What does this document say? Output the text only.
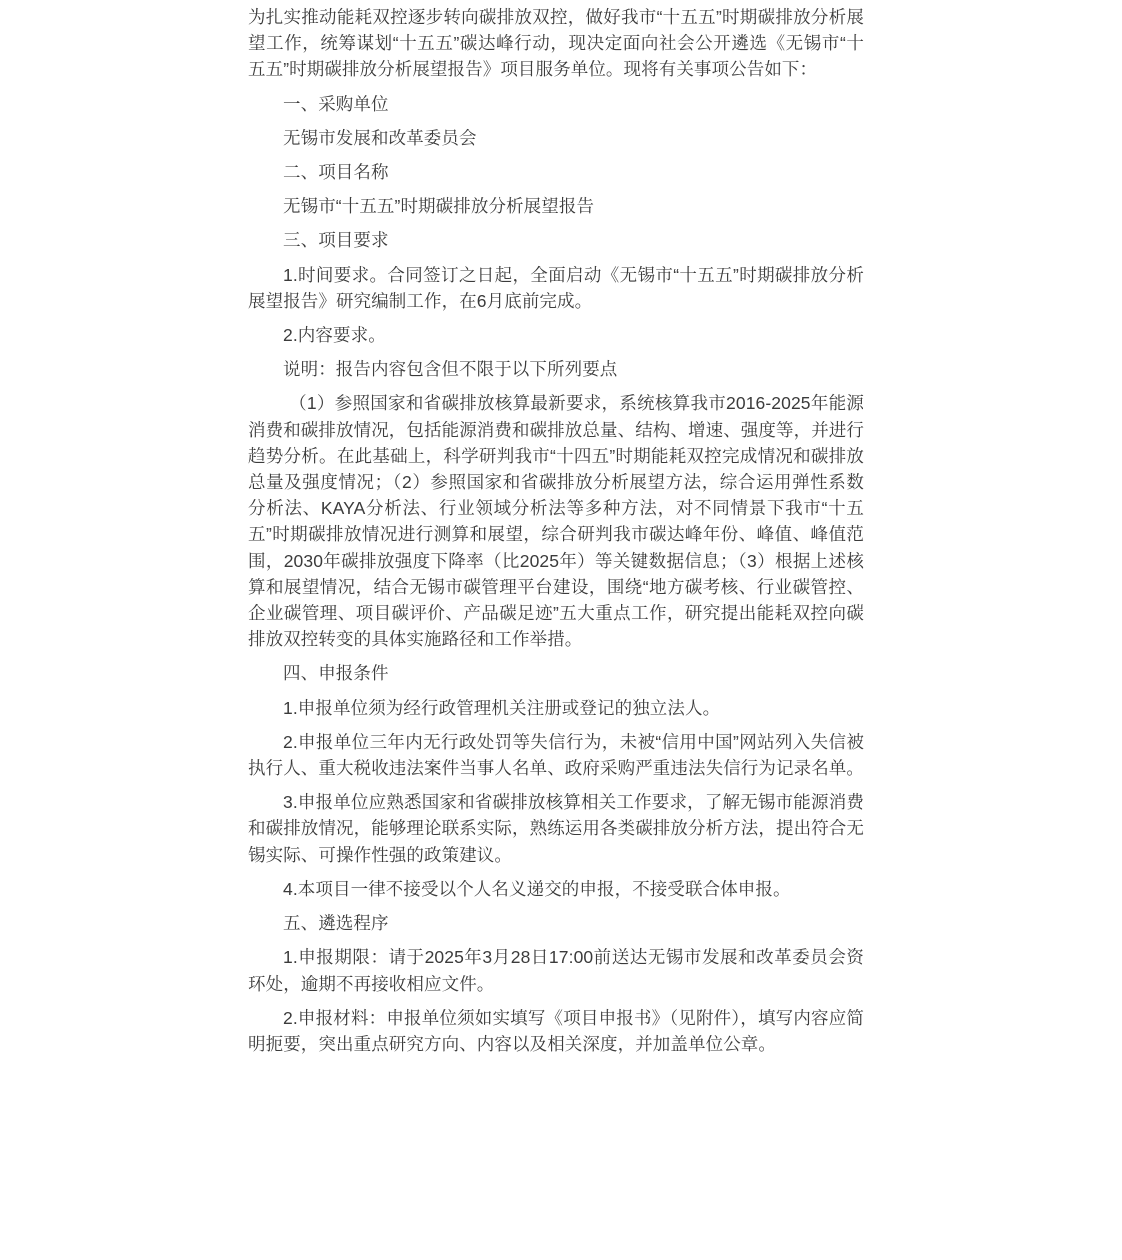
为扎实推动能耗双控逐步转向碳排放双控，做好我市“十五五”时期碳排放分析展望工作，统筹谋划“十五五”碳达峰行动，现决定面向社会公开遴选《无锡市“十五五”时期碳排放分析展望报告》项目服务单位。现将有关事项公告如下：

一、采购单位

无锡市发展和改革委员会

二、项目名称

无锡市“十五五”时期碳排放分析展望报告

三、项目要求

1.时间要求。合同签订之日起，全面启动《无锡市“十五五”时期碳排放分析展望报告》研究编制工作，在6月底前完成。

2.内容要求。

说明：报告内容包含但不限于以下所列要点

（1）参照国家和省碳排放核算最新要求，系统核算我市2016-2025年能源消费和碳排放情况，包括能源消费和碳排放总量、结构、增速、强度等，并进行趋势分析。在此基础上，科学研判我市“十四五”时期能耗双控完成情况和碳排放总量及强度情况；（2）参照国家和省碳排放分析展望方法，综合运用弹性系数分析法、KAYA分析法、行业领域分析法等多种方法，对不同情景下我市“十五五”时期碳排放情况进行测算和展望，综合研判我市碳达峰年份、峰值、峰值范围，2030年碳排放强度下降率（比2025年）等关键数据信息；（3）根据上述核算和展望情况，结合无锡市碳管理平台建设，围绕“地方碳考核、行业碳管控、企业碳管理、项目碳评价、产品碳足迹”五大重点工作，研究提出能耗双控向碳排放双控转变的具体实施路径和工作举措。

四、申报条件

1.申报单位须为经行政管理机关注册或登记的独立法人。

2.申报单位三年内无行政处罚等失信行为，未被“信用中国”网站列入失信被执行人、重大税收违法案件当事人名单、政府采购严重违法失信行为记录名单。

3.申报单位应熟悉国家和省碳排放核算相关工作要求，了解无锡市能源消费和碳排放情况，能够理论联系实际，熟练运用各类碳排放分析方法，提出符合无锡实际、可操作性强的政策建议。

4.本项目一律不接受以个人名义递交的申报，不接受联合体申报。

五、遴选程序

1.申报期限：请于2025年3月28日17:00前送达无锡市发展和改革委员会资环处，逾期不再接收相应文件。

2.申报材料：申报单位须如实填写《项目申报书》（见附件），填写内容应简明扼要，突出重点研究方向、内容以及相关深度，并加盖单位公章。
